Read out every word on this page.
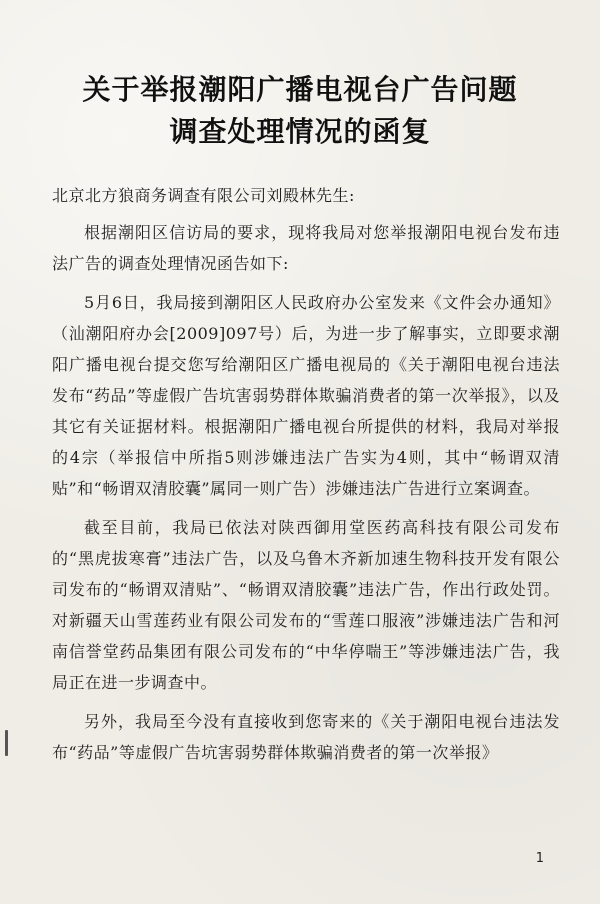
关于举报潮阳广播电视台广告问题
调查处理情况的函复

北京北方狼商务调查有限公司刘殿林先生:

根据潮阳区信访局的要求，现将我局对您举报潮阳电视台发布违法广告的调查处理情况函告如下:

5月6日，我局接到潮阳区人民政府办公室发来《文件会办通知》（汕潮阳府办会[2009]097号）后，为进一步了解事实，立即要求潮阳广播电视台提交您写给潮阳区广播电视局的《关于潮阳电视台违法发布“药品”等虚假广告坑害弱势群体欺骗消费者的第一次举报》，以及其它有关证据材料。根据潮阳广播电视台所提供的材料，我局对举报的4宗（举报信中所指5则涉嫌违法广告实为4则，其中“畅谓双清贴”和“畅谓双清胶囊”属同一则广告）涉嫌违法广告进行立案调查。

截至目前，我局已依法对陕西御用堂医药高科技有限公司发布的“黑虎拔寒膏”违法广告，以及乌鲁木齐新加速生物科技开发有限公司发布的“畅谓双清贴”、“畅谓双清胶囊”违法广告，作出行政处罚。对新疆天山雪莲药业有限公司发布的“雪莲口服液”涉嫌违法广告和河南信誉堂药品集团有限公司发布的“中华停喘王”等涉嫌违法广告，我局正在进一步调查中。

另外，我局至今没有直接收到您寄来的《关于潮阳电视台违法发布“药品”等虚假广告坑害弱势群体欺骗消费者的第一次举报》

1
